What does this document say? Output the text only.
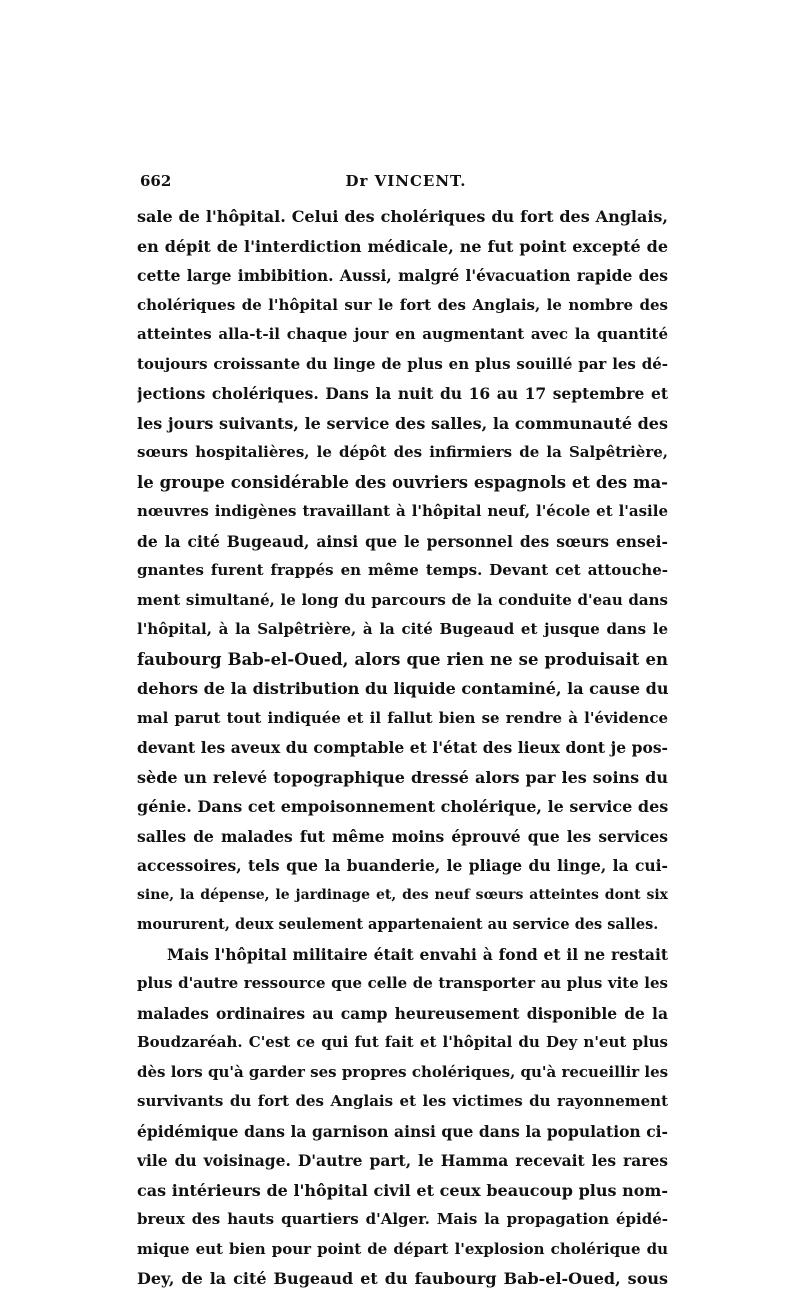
662	Dr VINCENT.
sale de l'hôpital. Celui des cholériques du fort des Anglais,
en dépit de l'interdiction médicale, ne fut point excepté de
cette large imbibition. Aussi, malgré l'évacuation rapide des
cholériques de l'hôpital sur le fort des Anglais, le nombre des
atteintes alla-t-il chaque jour en augmentant avec la quantité
toujours croissante du linge de plus en plus souillé par les dé-
jections cholériques. Dans la nuit du 16 au 17 septembre et
les jours suivants, le service des salles, la communauté des
sœurs hospitalières, le dépôt des infirmiers de la Salpêtrière,
le groupe considérable des ouvriers espagnols et des ma-
nœuvres indigènes travaillant à l'hôpital neuf, l'école et l'asile
de la cité Bugeaud, ainsi que le personnel des sœurs ensei-
gnantes furent frappés en même temps. Devant cet attouche-
ment simultané, le long du parcours de la conduite d'eau dans
l'hôpital, à la Salpêtrière, à la cité Bugeaud et jusque dans le
faubourg Bab-el-Oued, alors que rien ne se produisait en
dehors de la distribution du liquide contaminé, la cause du
mal parut tout indiquée et il fallut bien se rendre à l'évidence
devant les aveux du comptable et l'état des lieux dont je pos-
sède un relevé topographique dressé alors par les soins du
génie. Dans cet empoisonnement cholérique, le service des
salles de malades fut même moins éprouvé que les services
accessoires, tels que la buanderie, le pliage du linge, la cui-
sine, la dépense, le jardinage et, des neuf sœurs atteintes dont six
moururent, deux seulement appartenaient au service des salles.
Mais l'hôpital militaire était envahi à fond et il ne restait
plus d'autre ressource que celle de transporter au plus vite les
malades ordinaires au camp heureusement disponible de la
Boudzaréah. C'est ce qui fut fait et l'hôpital du Dey n'eut plus
dès lors qu'à garder ses propres cholériques, qu'à recueillir les
survivants du fort des Anglais et les victimes du rayonnement
épidémique dans la garnison ainsi que dans la population ci-
vile du voisinage. D'autre part, le Hamma recevait les rares
cas intérieurs de l'hôpital civil et ceux beaucoup plus nom-
breux des hauts quartiers d'Alger. Mais la propagation épidé-
mique eut bien pour point de départ l'explosion cholérique du
Dey, de la cité Bugeaud et du faubourg Bab-el-Oued, sous
